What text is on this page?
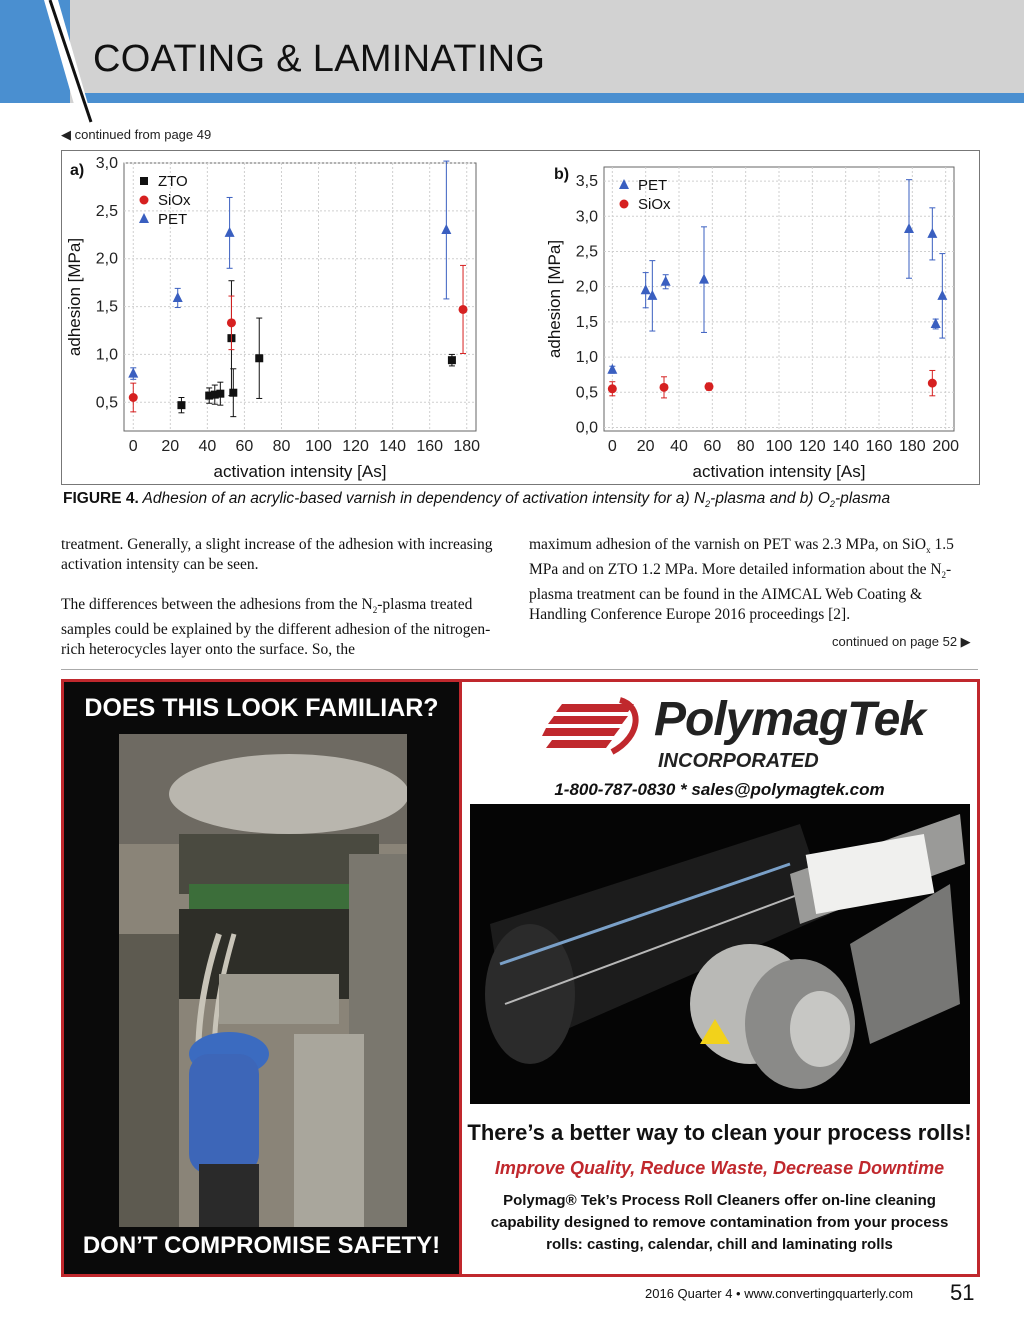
COATING & LAMINATING
◀ continued from page 49
0 20 40 60 80 100 120 140 160 180
0,5
1,0
1,5
2,0
2,5
3,0
a)
activation intensity [As]
adhesion [MPa]
ZTO
SiOx
PET
0 20 40 60 80 100 120 140 160 180 200
0,0
0,5
1,0
1,5
2,0
2,5
3,0
3,5
b)
activation intensity [As]
adhesion [MPa]
PET
SiOx
FIGURE 4. Adhesion of an acrylic-based varnish in dependency of activation intensity for a) $N_2$-plasma and b) $O_2$-plasma

treatment. Generally, a slight increase of the adhesion with increasing activation intensity can be seen.

The differences between the adhesions from the $N_2$-plasma treated samples could be explained by the different adhesion of the nitrogen-rich heterocycles layer onto the surface. So, the

maximum adhesion of the varnish on PET was 2.3 MPa, on SiO$_x$ 1.5 MPa and on ZTO 1.2 MPa. More detailed information about the $N_2$-plasma treatment can be found in the AIMCAL Web Coating & Handling Conference Europe 2016 proceedings [2].

continued on page 52 ▶
DOES THIS LOOK FAMILIAR?
DON’T COMPROMISE SAFETY!
PolymagTek
INCORPORATED
1-800-787-0830 * sales@polymagtek.com
There’s a better way to clean your process rolls!
Improve Quality, Reduce Waste, Decrease Downtime
Polymag® Tek’s Process Roll Cleaners offer on-line cleaning capability designed to remove contamination from your process rolls: casting, calendar, chill and laminating rolls
2016 Quarter 4 • www.convertingquarterly.com 51
